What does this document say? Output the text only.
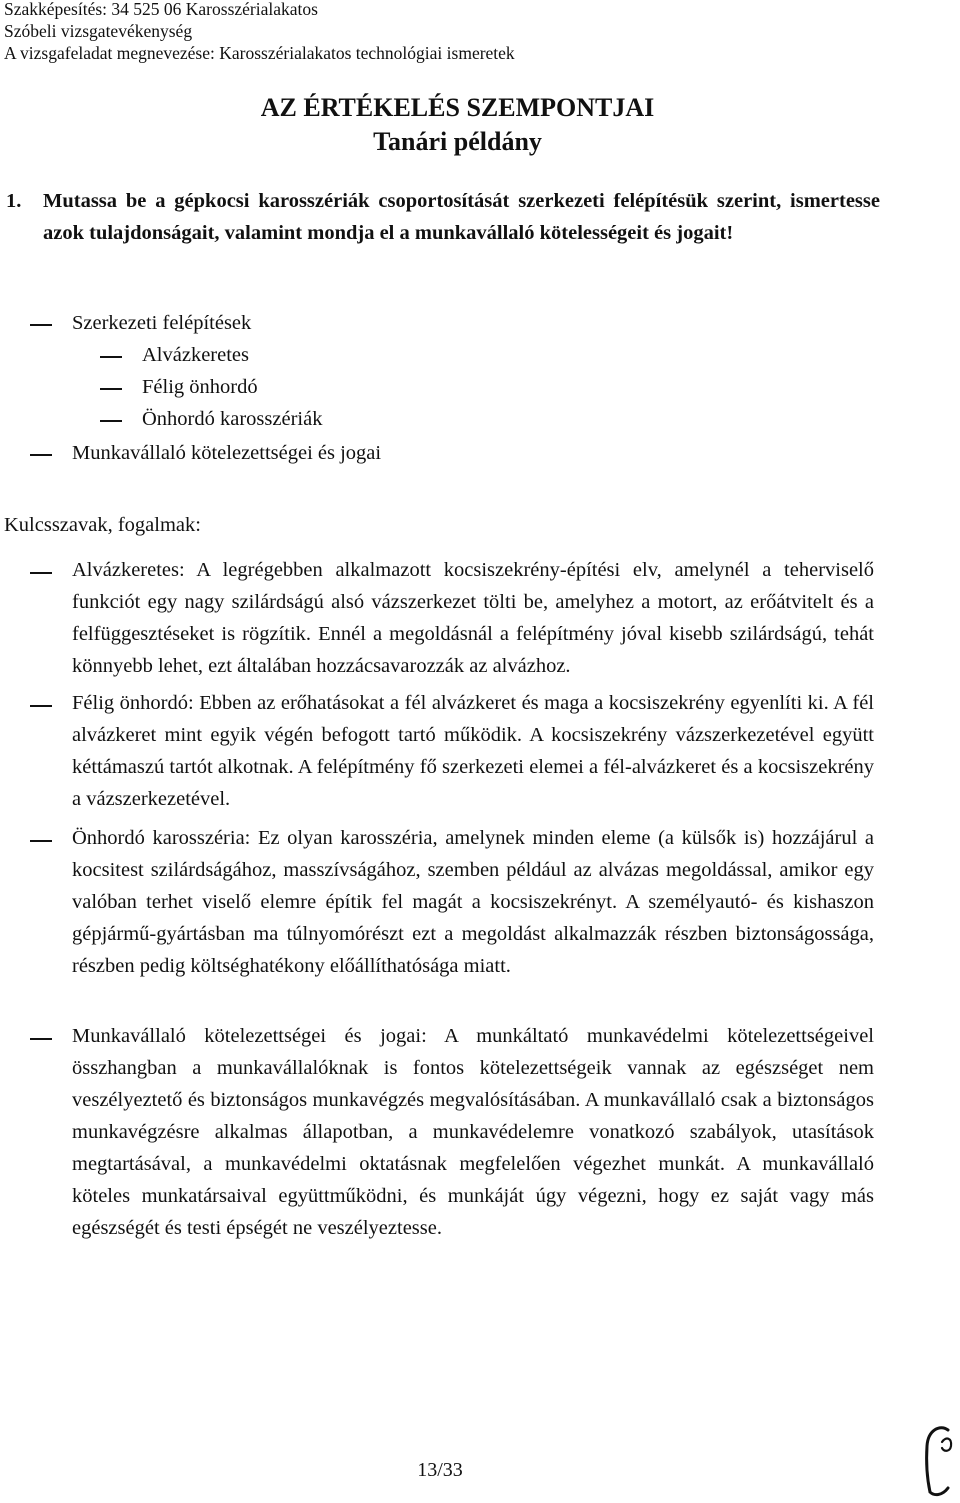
Szakképesítés: 34 525 06 Karosszérialakatos
Szóbeli vizsgatevékenység
A vizsgafeladat megnevezése: Karosszérialakatos technológiai ismeretek
AZ ÉRTÉKELÉS SZEMPONTJAI
Tanári példány
1. Mutassa be a gépkocsi karosszériák csoportosítását szerkezeti felépítésük szerint, ismertesse azok tulajdonságait, valamint mondja el a munkavállaló kötelességeit és jogait!
Szerkezeti felépítések
Alvázkeretes
Félig önhordó
Önhordó karosszériák
Munkavállaló kötelezettségei és jogai
Kulcsszavak, fogalmak:
Alvázkeretes: A legrégebben alkalmazott kocsiszekrény-építési elv, amelynél a teherviselő funkciót egy nagy szilárdságú alsó vázszerkezet tölti be, amelyhez a motort, az erőátvitelt és a felfüggesztéseket is rögzítik. Ennél a megoldásnál a felépítmény jóval kisebb szilárdságú, tehát könnyebb lehet, ezt általában hozzácsavarozzák az alvázhoz.
Félig önhordó: Ebben az erőhatásokat a fél alvázkeret és maga a kocsiszekrény egyenlíti ki. A fél alvázkeret mint egyik végén befogott tartó működik. A kocsiszekrény vázszerkezetével együtt kéttámaszú tartót alkotnak. A felépítmény fő szerkezeti elemei a fél-alvázkeret és a kocsiszekrény a vázszerkezetével.
Önhordó karosszéria: Ez olyan karosszéria, amelynek minden eleme (a külsők is) hozzájárul a kocsitest szilárdságához, masszívságához, szemben például az alvázas megoldással, amikor egy valóban terhet viselő elemre építik fel magát a kocsiszekrényt. A személyautó- és kishaszon gépjármű-gyártásban ma túlnyomórészt ezt a megoldást alkalmazzák részben biztonságossága, részben pedig költséghatékony előállíthatósága miatt.
Munkavállaló kötelezettségei és jogai: A munkáltató munkavédelmi kötelezettségeivel összhangban a munkavállalóknak is fontos kötelezettségeik vannak az egészséget nem veszélyeztető és biztonságos munkavégzés megvalósításában. A munkavállaló csak a biztonságos munkavégzésre alkalmas állapotban, a munkavédelemre vonatkozó szabályok, utasítások megtartásával, a munkavédelmi oktatásnak megfelelően végezhet munkát. A munkavállaló köteles munkatársaival együttműködni, és munkáját úgy végezni, hogy ez saját vagy más egészségét és testi épségét ne veszélyeztesse.
13/33
